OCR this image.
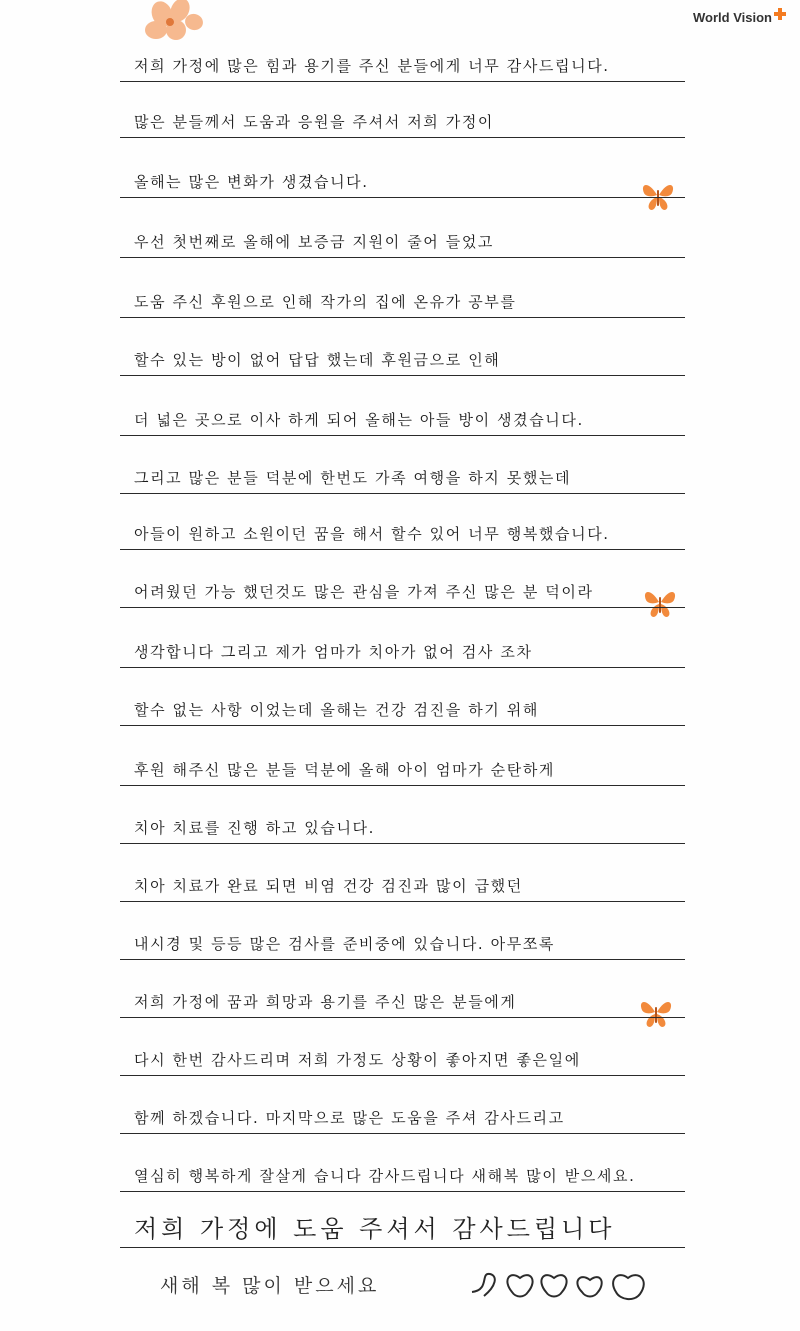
World Vision
저희 가정에 많은 힘과 용기를 주신 분들에게 너무 감사드립니다.
많은 분들께서 도움과 응원을 주셔서 저희 가정이
올해는 많은 변화가 생겼습니다.
우선 첫번째로 올해에 보증금 지원이 줄어 들었고
도움 주신 후원으로 인해 작가의 집에 온유가 공부를
할수 있는 방이 없어 답답 했는데 후원금으로 인해
더 넓은 곳으로 이사 하게 되어 올해는 아들 방이 생겼습니다.
그리고 많은 분들 덕분에 한번도 가족 여행을 하지 못했는데
아들이 원하고 소원이던 꿈을 해서 할수 있어 너무 행복했습니다.
어려웠던 가능 했던것도 많은 관심을 가져 주신 많은 분 덕이라
생각합니다 그리고 제가 엄마가 치아가 없어 검사 조차
할수 없는 사항 이었는데 올해는 건강 검진을 하기 위해
후원 해주신 많은 분들 덕분에 올해 아이 엄마가 순탄하게
치아 치료를 진행 하고 있습니다.
치아 치료가 완료 되면 비염 건강 검진과 많이 급했던
내시경 및 등등 많은 검사를 준비중에 있습니다. 아무쪼록
저희 가정에 꿈과 희망과 용기를 주신 많은 분들에게
다시 한번 감사드리며 저희 가정도 상황이 좋아지면 좋은일에
함께 하겠습니다. 마지막으로 많은 도움을 주셔 감사드리고
열심히 행복하게 잘살게 습니다 감사드립니다 새해복 많이 받으세요.
저희 가정에 도움 주셔서 감사드립니다
새해 복 많이 받으세요
